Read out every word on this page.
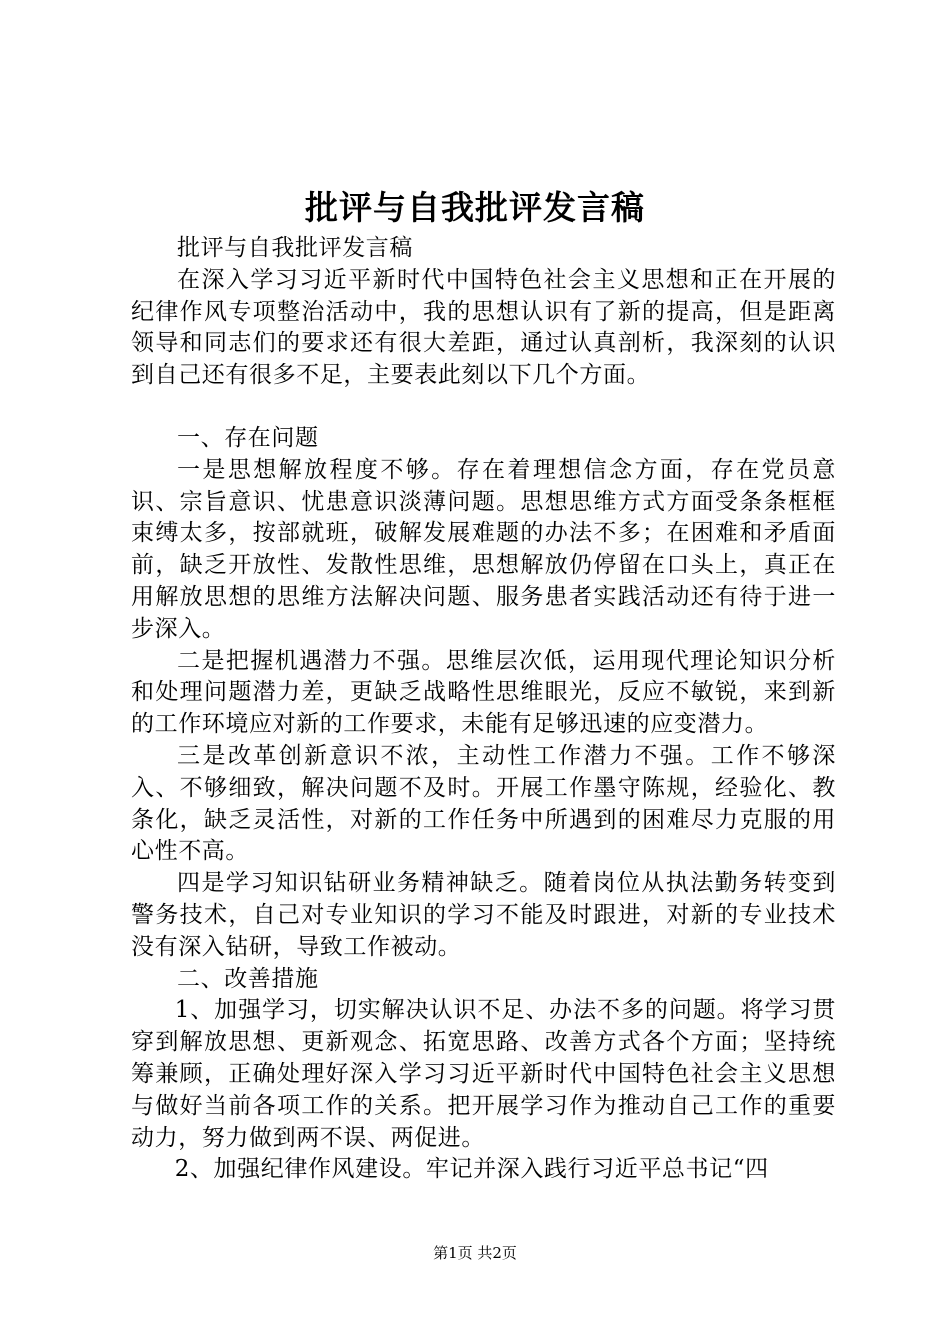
批评与自我批评发言稿

批评与自我批评发言稿

在深入学习习近平新时代中国特色社会主义思想和正在开展的纪律作风专项整治活动中，我的思想认识有了新的提高，但是距离领导和同志们的要求还有很大差距，通过认真剖析，我深刻的认识到自己还有很多不足，主要表此刻以下几个方面。

一、存在问题

一是思想解放程度不够。存在着理想信念方面，存在党员意识、宗旨意识、忧患意识淡薄问题。思想思维方式方面受条条框框束缚太多，按部就班，破解发展难题的办法不多；在困难和矛盾面前，缺乏开放性、发散性思维，思想解放仍停留在口头上，真正在用解放思想的思维方法解决问题、服务患者实践活动还有待于进一步深入。

二是把握机遇潜力不强。思维层次低，运用现代理论知识分析和处理问题潜力差，更缺乏战略性思维眼光，反应不敏锐，来到新的工作环境应对新的工作要求，未能有足够迅速的应变潜力。

三是改革创新意识不浓，主动性工作潜力不强。工作不够深入、不够细致，解决问题不及时。开展工作墨守陈规，经验化、教条化，缺乏灵活性，对新的工作任务中所遇到的困难尽力克服的用心性不高。

四是学习知识钻研业务精神缺乏。随着岗位从执法勤务转变到警务技术，自己对专业知识的学习不能及时跟进，对新的专业技术没有深入钻研，导致工作被动。

二、改善措施

1、加强学习，切实解决认识不足、办法不多的问题。将学习贯穿到解放思想、更新观念、拓宽思路、改善方式各个方面；坚持统筹兼顾，正确处理好深入学习习近平新时代中国特色社会主义思想与做好当前各项工作的关系。把开展学习作为推动自己工作的重要动力，努力做到两不误、两促进。

2、加强纪律作风建设。牢记并深入践行习近平总书记“四

第1页 共2页
